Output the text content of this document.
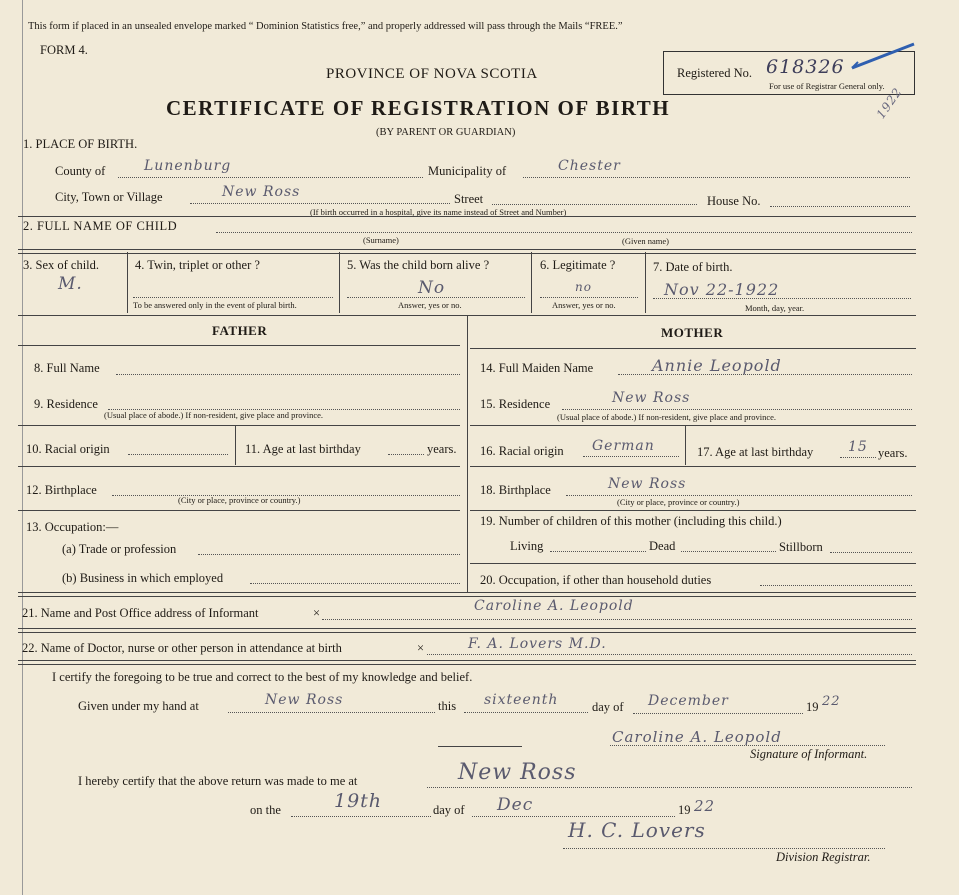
This form if placed in an unsealed envelope marked “ Dominion Statistics free,” and properly addressed will pass through the Mails “FREE.”
FORM 4.
PROVINCE OF NOVA SCOTIA
CERTIFICATE OF REGISTRATION OF BIRTH
(BY PARENT OR GUARDIAN)
Registered No. 618326
For use of Registrar General only.
1922
1. PLACE OF BIRTH.
County of	Lunenburg	Municipality of	Chester
City, Town or Village	New Ross	Street
(If birth occurred in a hospital, give its name instead of Street and Number)
House No.
2. FULL NAME OF CHILD
(Surname)	(Given name)
3. Sex of child.
M.
4. Twin, triplet or other ?
To be answered only in the event of plural birth.
5. Was the child born alive ?
No
Answer, yes or no.
6. Legitimate ?
no
Answer, yes or no.
7. Date of birth.
Nov 22-1922
Month, day, year.
FATHER	MOTHER
8. Full Name
9. Residence
(Usual place of abode.) If non-resident, give place and province.
10. Racial origin	11. Age at last birthday	years.
12. Birthplace
(City or place, province or country.)
13. Occupation:—
(a) Trade or profession
(b) Business in which employed
14. Full Maiden Name	Annie Leopold
15. Residence	New Ross
(Usual place of abode.) If non-resident, give place and province.
16. Racial origin German	17. Age at last birthday 15 years.
18. Birthplace	New Ross
(City or place, province or country.)
19. Number of children of this mother (including this child.)
Living	Dead	Stillborn
20. Occupation, if other than household duties
21. Name and Post Office address of Informant	×	Caroline A. Leopold
22. Name of Doctor, nurse or other person in attendance at birth	×	F. A. Lovers M.D.
I certify the foregoing to be true and correct to the best of my knowledge and belief.
Given under my hand at	New Ross	this sixteenth	day of December	19 22
Caroline A. Leopold
Signature of Informant.
I hereby certify that the above return was made to me at	New Ross
on the	19th	day of Dec	19 22
H. C. Lovers
Division Registrar.
